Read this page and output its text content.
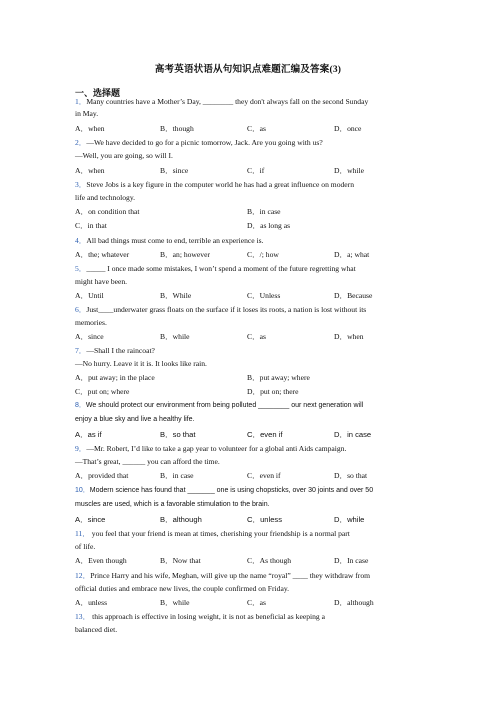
高考英语状语从句知识点难题汇编及答案(3)
一、选择题
1．Many countries have a Mother’s Day, ________ they don't always fall on the second Sunday
in May.
A．when	B．though	C．as	D．once
2．—We have decided to go for a picnic tomorrow, Jack. Are you going with us?
—Well, you are going, so will I.
A．when	B．since	C．if	D．while
3．Steve Jobs is a key figure in the computer world he has had a great influence on modern
life and technology.
A．on condition that	B．in case
C．in that	D．as long as
4．All bad things must come to end, terrible an experience is.
A．the; whatever	B．an; however	C．/; how	D．a; what
5．_____ I once made some mistakes, I won’t spend a moment of the future regretting what
might have been.
A．Until	B．While	C．Unless	D．Because
6．Just____underwater grass floats on the surface if it loses its roots, a nation is lost without its
memories.
A．since	B．while	C．as	D．when
7．—Shall I the raincoat?
—No hurry. Leave it it is. It looks like rain.
A．put away; in the place	B．put away; where
C．put on; where	D．put on; there
8．We should protect our environment from being polluted ________ our next generation will
enjoy a blue sky and live a healthy life.
A．as if	B．so that	C．even if	D．in case
9．—Mr. Robert, I’d like to take a gap year to volunteer for a global anti Aids campaign.
—That’s great, ______ you can afford the time.
A．provided that	B．in case	C．even if	D．so that
10．Modern science has found that _______ one is using chopsticks, over 30 joints and over 50
muscles are used, which is a favorable stimulation to the brain.
A．since	B．although	C．unless	D．while
11． you feel that your friend is mean at times, cherishing your friendship is a normal part
of life.
A．Even though	B．Now that	C．As though	D．In case
12．Prince Harry and his wife, Meghan, will give up the name “royal” ____ they withdraw from
official duties and embrace new lives, the couple confirmed on Friday.
A．unless	B．while	C．as	D．although
13． this approach is effective in losing weight, it is not as beneficial as keeping a
balanced diet.
